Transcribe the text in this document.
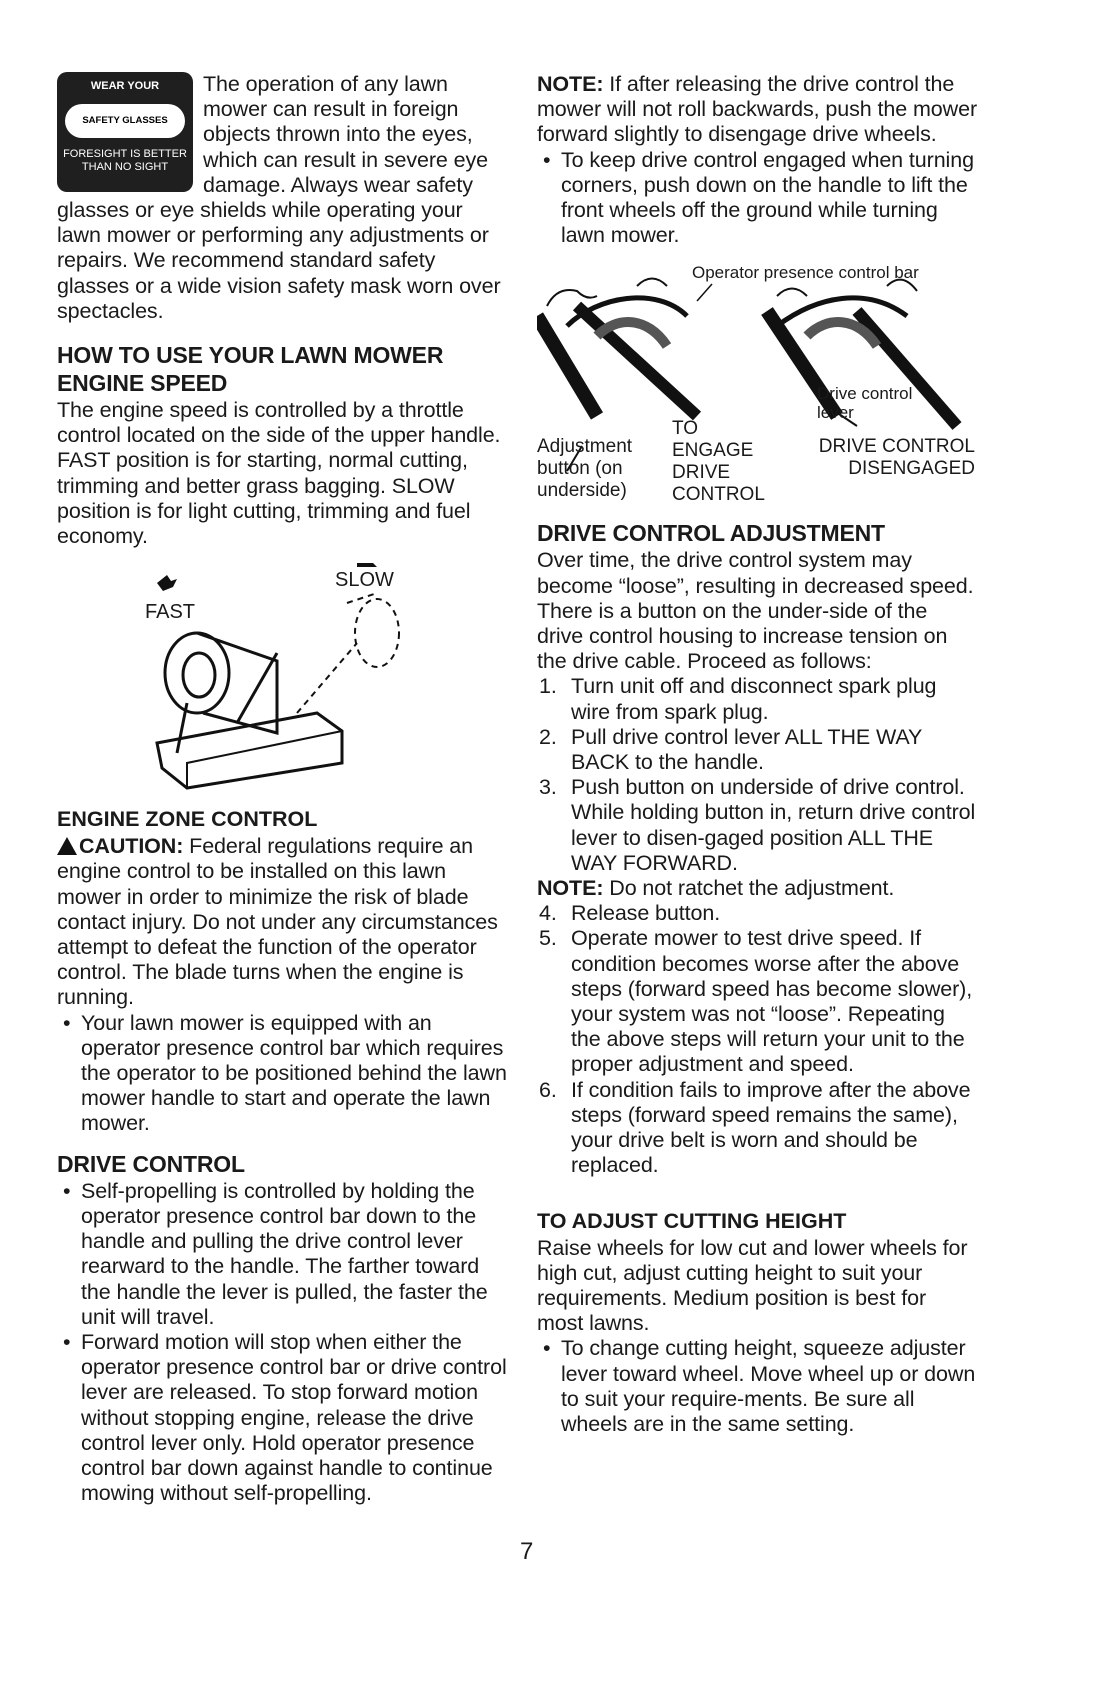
WEAR YOUR
SAFETY GLASSES
FORESIGHT IS BETTER THAN NO SIGHT

The operation of any lawn mower can result in foreign objects thrown into the eyes, which can result in severe eye damage. Always wear safety glasses or eye shields while operating your lawn mower or performing any adjustments or repairs. We recommend standard safety glasses or a wide vision safety mask worn over spectacles.

HOW TO USE YOUR LAWN MOWER
ENGINE SPEED

The engine speed is controlled by a throttle control located on the side of the upper handle. FAST position is for starting, normal cutting, trimming and better grass bagging. SLOW position is for light cutting, trimming and fuel economy.

FAST
SLOW
ENGINE ZONE CONTROL

CAUTION: Federal regulations require an engine control to be installed on this lawn mower in order to minimize the risk of blade contact injury. Do not under any circumstances attempt to defeat the function of the operator control. The blade turns when the engine is running.

• Your lawn mower is equipped with an operator presence control bar which requires the operator to be positioned behind the lawn mower handle to start and operate the lawn mower.
DRIVE CONTROL
• Self-propelling is controlled by holding the operator presence control bar down to the handle and pulling the drive control lever rearward to the handle. The farther toward the handle the lever is pulled, the faster the unit will travel.
• Forward motion will stop when either the operator presence control bar or drive control lever are released. To stop forward motion without stopping engine, release the drive control lever only. Hold operator presence control bar down against handle to continue mowing without self-propelling.

NOTE: If after releasing the drive control the mower will not roll backwards, push the mower forward slightly to disengage drive wheels.

• To keep drive control engaged when turning corners, push down on the handle to lift the front wheels off the ground while turning lawn mower.
Operator presence control bar
Adjustment button (on underside)
TO ENGAGE DRIVE CONTROL
Drive control lever
DRIVE CONTROL DISENGAGED
DRIVE CONTROL ADJUSTMENT

Over time, the drive control system may become “loose”, resulting in decreased speed. There is a button on the under-side of the drive control housing to increase tension on the drive cable. Proceed as follows:

1. Turn unit off and disconnect spark plug wire from spark plug.
2. Pull drive control lever ALL THE WAY BACK to the handle.
3. Push button on underside of drive control. While holding button in, return drive control lever to disen-gaged position ALL THE WAY FORWARD.

NOTE: Do not ratchet the adjustment.

4. Release button.
5. Operate mower to test drive speed. If condition becomes worse after the above steps (forward speed has become slower), your system was not “loose”. Repeating the above steps will return your unit to the proper adjustment and speed.
6. If condition fails to improve after the above steps (forward speed remains the same), your drive belt is worn and should be replaced.
TO ADJUST CUTTING HEIGHT

Raise wheels for low cut and lower wheels for high cut, adjust cutting height to suit your requirements. Medium position is best for most lawns.

• To change cutting height, squeeze adjuster lever toward wheel. Move wheel up or down to suit your require-ments. Be sure all wheels are in the same setting.
7
